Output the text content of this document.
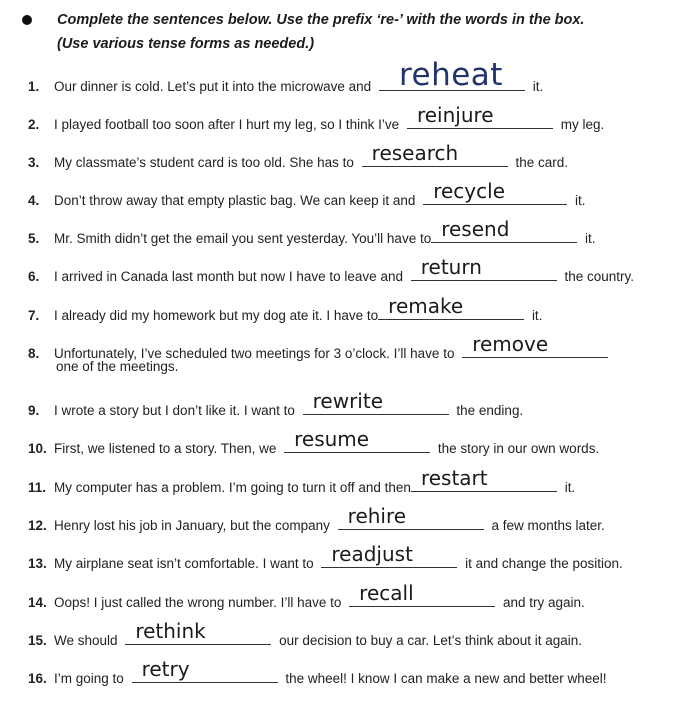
Complete the sentences below. Use the prefix ‘re-’ with the words in the box.
(Use various tense forms as needed.)
1. Our dinner is cold. Let’s put it into the microwave and reheat it.
2. I played football too soon after I hurt my leg, so I think I’ve reinjure	my leg.
3. My classmate’s student card is too old. She has to research	the card.
4. Don’t throw away that empty plastic bag. We can keep it and recycle	it.
5. Mr. Smith didn’t get the email you sent yesterday. You’ll have to resend	it.
6. I arrived in Canada last month but now I have to leave and return	the country.
7. I already did my homework but my dog ate it. I have to remake	it.
8. Unfortunately, I’ve scheduled two meetings for 3 o’clock. I’ll have to remove
one of the meetings.
9. I wrote a story but I don’t like it. I want to rewrite	the ending.
10. First, we listened to a story. Then, we resume	the story in our own words.
11. My computer has a problem. I’m going to turn it off and then restart	it.
12. Henry lost his job in January, but the company rehire	a few months later.
13. My airplane seat isn’t comfortable. I want to readjust	it and change the position.
14. Oops! I just called the wrong number. I’ll have to recall	and try again.
15. We should rethink	our decision to buy a car. Let’s think about it again.
16. I’m going to retry	the wheel! I know I can make a new and better wheel!
